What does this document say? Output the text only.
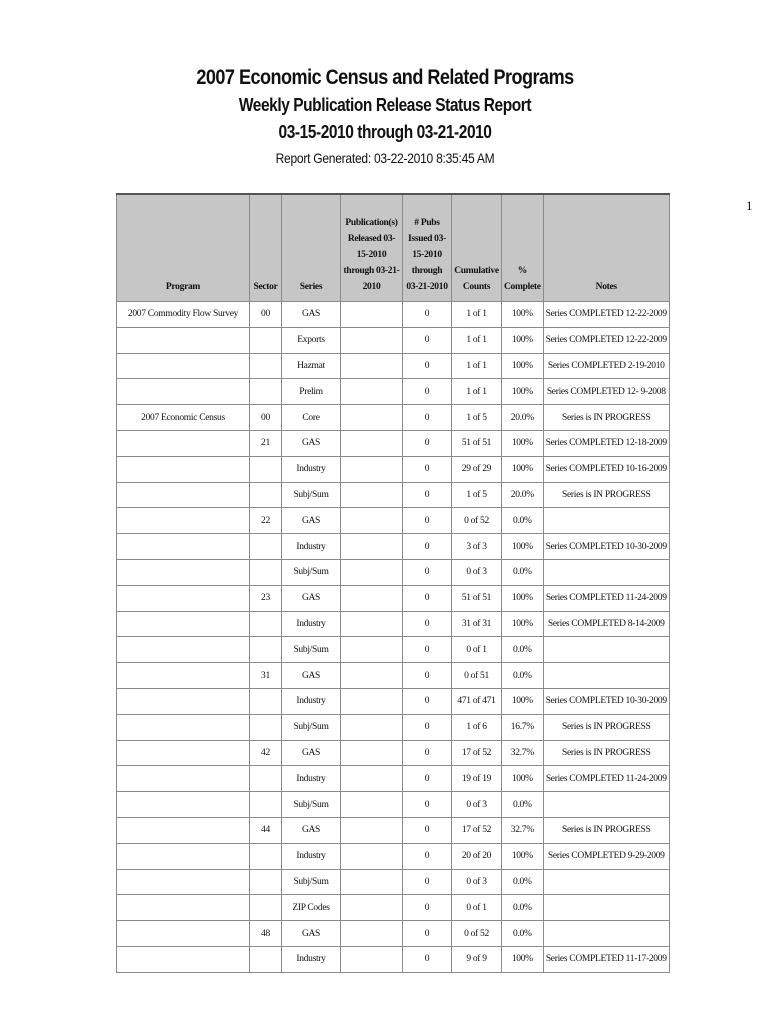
2007 Economic Census and Related Programs
Weekly Publication Release Status Report
03-15-2010 through 03-21-2010
Report Generated: 03-22-2010 8:35:45 AM
1
Program	Sector	Series	Publication(s) Released 03-15-2010 through 03-21-2010	# Pubs Issued 03-15-2010 through 03-21-2010	Cumulative Counts	% Complete	Notes
2007 Commodity Flow Survey	00	GAS		0	1 of 1	100%	Series COMPLETED 12-22-2009
		Exports		0	1 of 1	100%	Series COMPLETED 12-22-2009
		Hazmat		0	1 of 1	100%	Series COMPLETED 2-19-2010
		Prelim		0	1 of 1	100%	Series COMPLETED 12- 9-2008
2007 Economic Census	00	Core		0	1 of 5	20.0%	Series is IN PROGRESS
	21	GAS		0	51 of 51	100%	Series COMPLETED 12-18-2009
		Industry		0	29 of 29	100%	Series COMPLETED 10-16-2009
		Subj/Sum		0	1 of 5	20.0%	Series is IN PROGRESS
	22	GAS		0	0 of 52	0.0%	
		Industry		0	3 of 3	100%	Series COMPLETED 10-30-2009
		Subj/Sum		0	0 of 3	0.0%	
	23	GAS		0	51 of 51	100%	Series COMPLETED 11-24-2009
		Industry		0	31 of 31	100%	Series COMPLETED 8-14-2009
		Subj/Sum		0	0 of 1	0.0%	
	31	GAS		0	0 of 51	0.0%	
		Industry		0	471 of 471	100%	Series COMPLETED 10-30-2009
		Subj/Sum		0	1 of 6	16.7%	Series is IN PROGRESS
	42	GAS		0	17 of 52	32.7%	Series is IN PROGRESS
		Industry		0	19 of 19	100%	Series COMPLETED 11-24-2009
		Subj/Sum		0	0 of 3	0.0%	
	44	GAS		0	17 of 52	32.7%	Series is IN PROGRESS
		Industry		0	20 of 20	100%	Series COMPLETED 9-29-2009
		Subj/Sum		0	0 of 3	0.0%	
		ZIP Codes		0	0 of 1	0.0%	
	48	GAS		0	0 of 52	0.0%	
		Industry		0	9 of 9	100%	Series COMPLETED 11-17-2009
